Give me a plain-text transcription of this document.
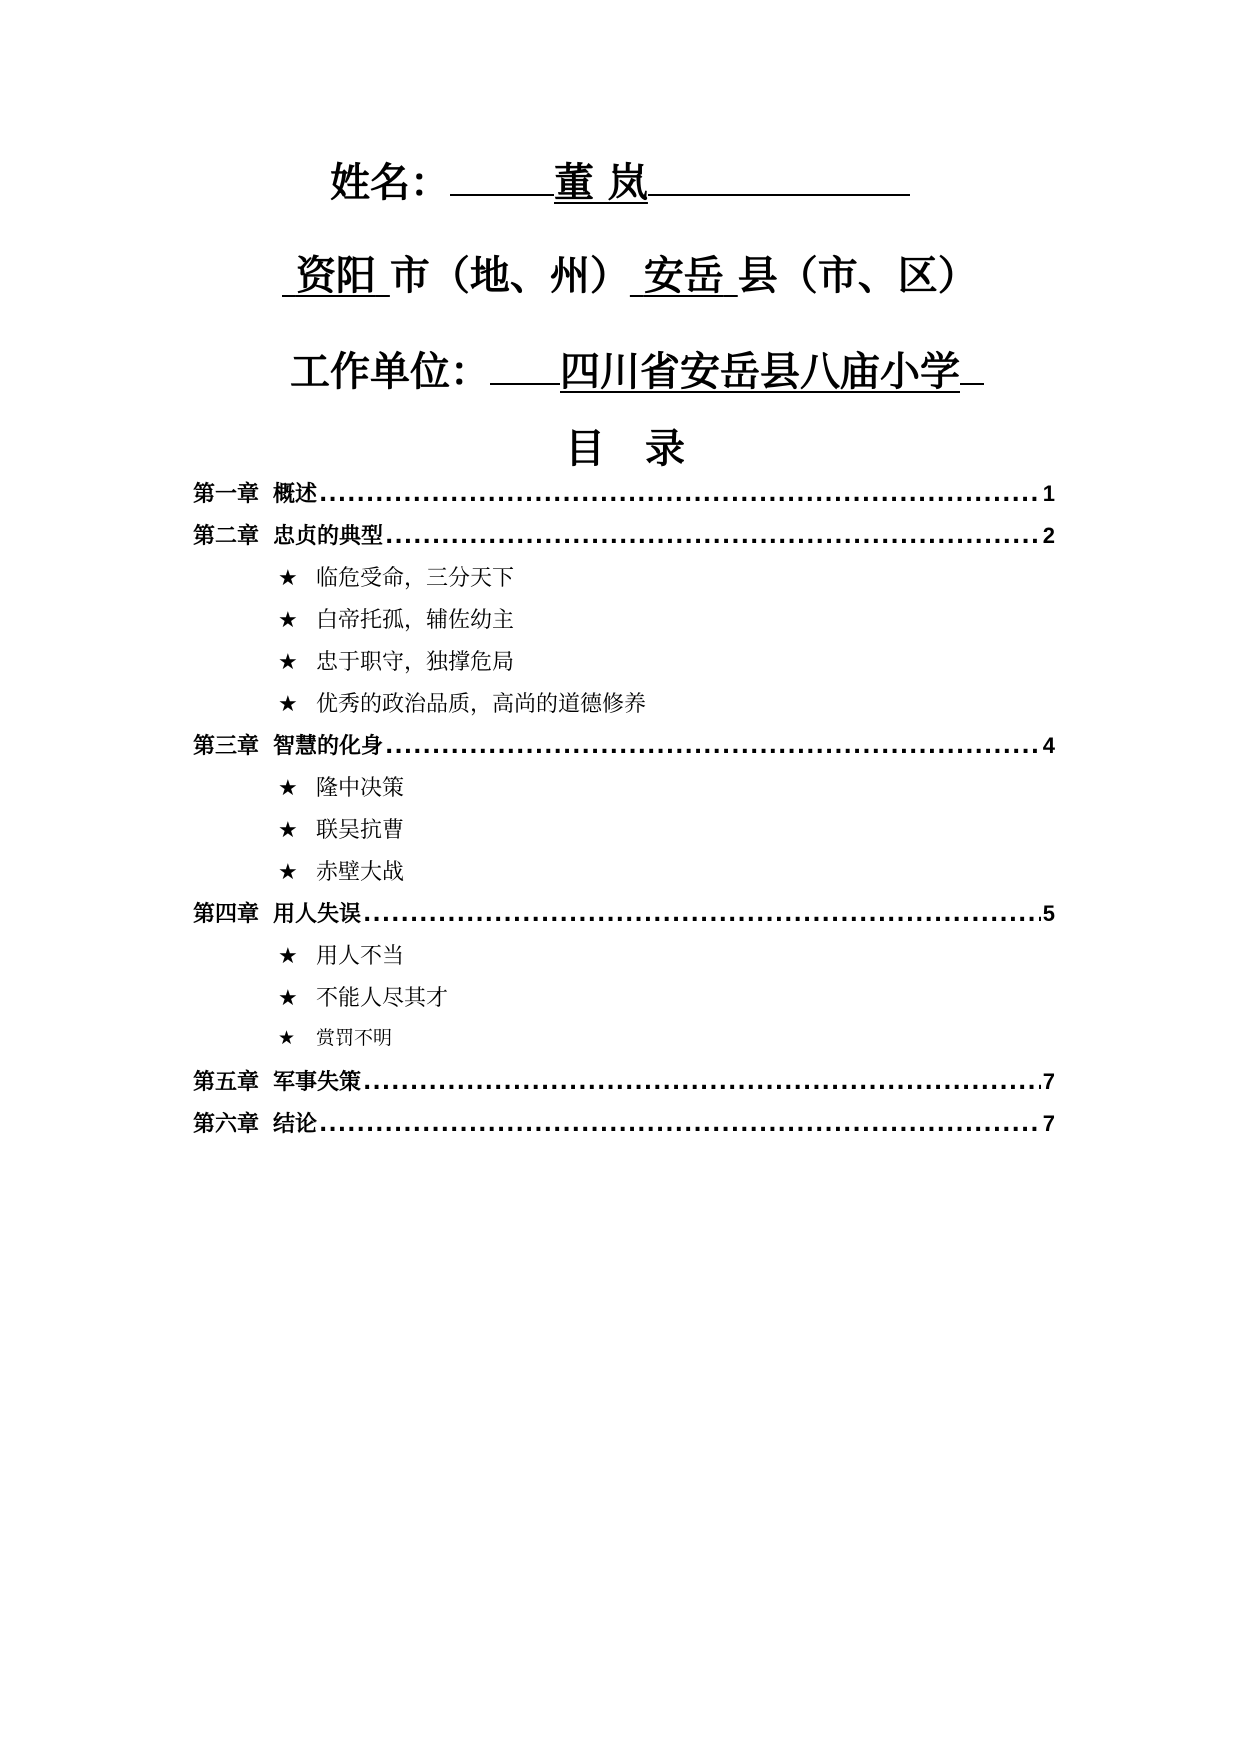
姓名：	董 岚
资阳 市（地、州） 安岳 县（市、区）
工作单位： 四川省安岳县八庙小学
目　录
第一章 概述 .....	1
第二章 忠贞的典型 .....	2
★ 临危受命，三分天下
★ 白帝托孤，辅佐幼主
★ 忠于职守，独撑危局
★ 优秀的政治品质，高尚的道德修养
第三章 智慧的化身 .....	4
★ 隆中决策
★ 联吴抗曹
★ 赤壁大战
第四章 用人失误 .....	5
★ 用人不当
★ 不能人尽其才
★	赏罚不明
第五章 军事失策 .....	7
第六章 结论 .....	7
